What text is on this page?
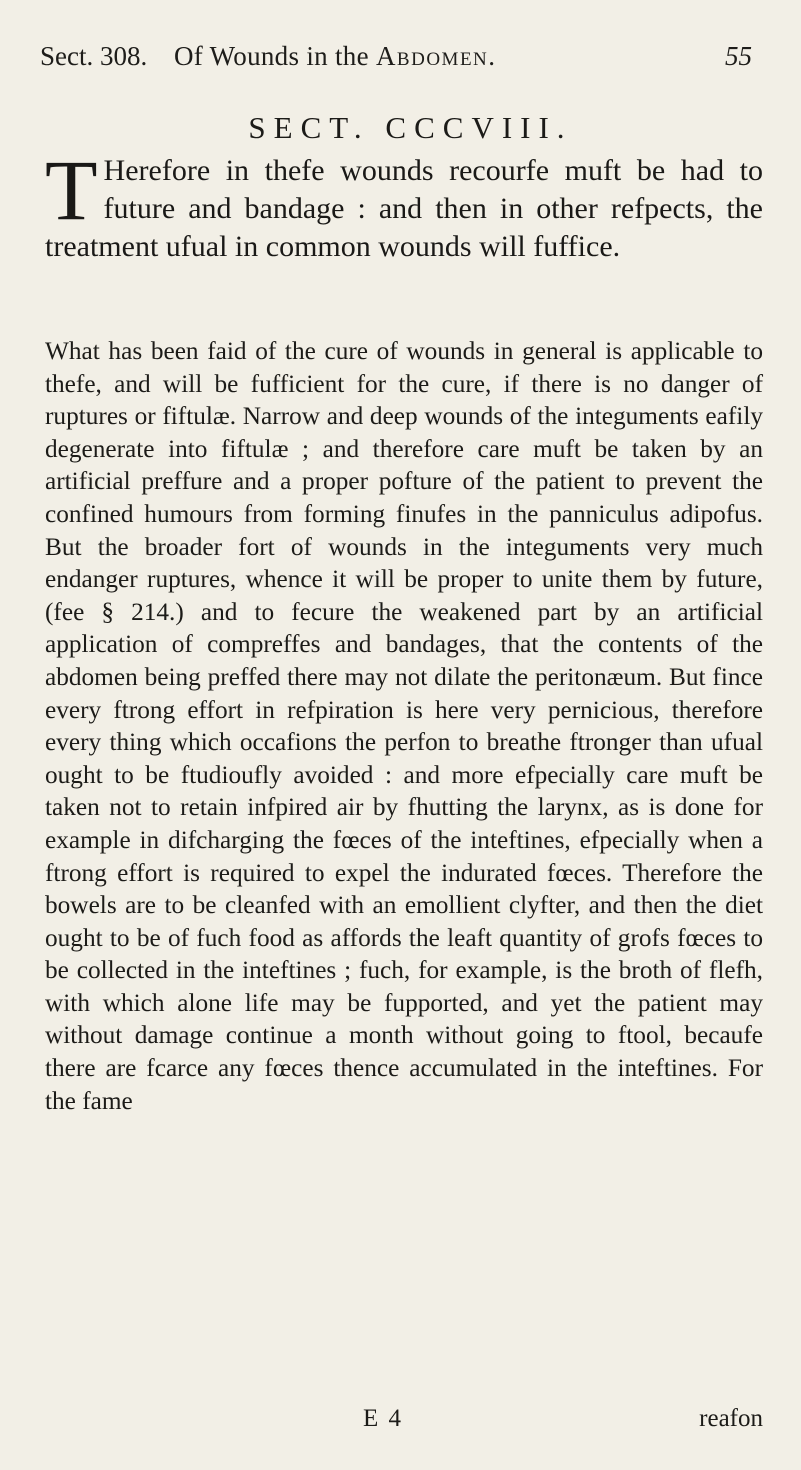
Sect. 308. Of Wounds in the Abdomen.	55
SECT. CCCVIII.
T Herefore in thefe wounds recourfe muft be had to future and bandage : and then in other refpects, the treatment ufual in common wounds will fuffice.
What has been faid of the cure of wounds in general is applicable to thefe, and will be fufficient for the cure, if there is no danger of ruptures or fiftulæ. Narrow and deep wounds of the integuments eafily degenerate into fiftulæ ; and therefore care muft be taken by an artificial preffure and a proper pofture of the patient to prevent the confined humours from forming finufes in the panniculus adipofus. But the broader fort of wounds in the integuments very much endanger ruptures, whence it will be proper to unite them by future, (fee § 214.) and to fecure the weakened part by an artificial application of compreffes and bandages, that the contents of the abdomen being preffed there may not dilate the peritonæum. But fince every ftrong effort in refpiration is here very pernicious, therefore every thing which occafions the perfon to breathe ftronger than ufual ought to be ftudioufly avoided : and more efpecially care muft be taken not to retain infpired air by fhutting the larynx, as is done for example in difcharging the fœces of the inteftines, efpecially when a ftrong effort is required to expel the indurated fœces. Therefore the bowels are to be cleanfed with an emollient clyfter, and then the diet ought to be of fuch food as affords the leaft quantity of grofs fœces to be collected in the inteftines ; fuch, for example, is the broth of flefh, with which alone life may be fupported, and yet the patient may without damage continue a month without going to ftool, becaufe there are fcarce any fœces thence accumulated in the inteftines. For the fame
E 4	reafon
